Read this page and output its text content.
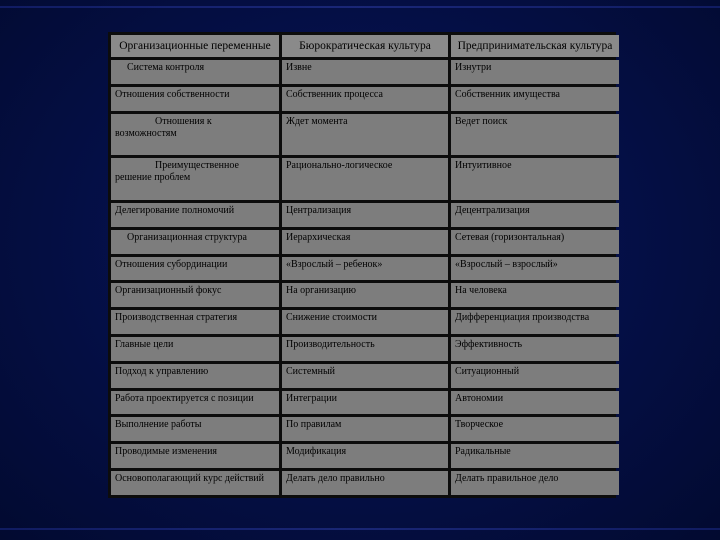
Организационные переменные	Бюрократическая культура	Предпринимательская культура
Система контроля	Извне	Изнутри
Отношения собственности	Собственник процесса	Собственник имущества
Отношения к возможностям	Ждет момента	Ведет поиск
Преимущественное решение проблем	Рационально-логическое	Интуитивное
Делегирование полномочий	Централизация	Децентрализация
Организационная структура	Иерархическая	Сетевая (горизонтальная)
Отношения субординации	«Взрослый – ребенок»	«Взрослый – взрослый»
Организационный фокус	На организацию	На человека
Производственная стратегия	Снижение стоимости	Дифференциация производства
Главные цели	Производительность	Эффективность
Подход к управлению	Системный	Ситуационный
Работа проектируется с позиции	Интеграции	Автономии
Выполнение работы	По правилам	Творческое
Проводимые изменения	Модификация	Радикальные
Основополагающий курс действий	Делать дело правильно	Делать правильное дело
